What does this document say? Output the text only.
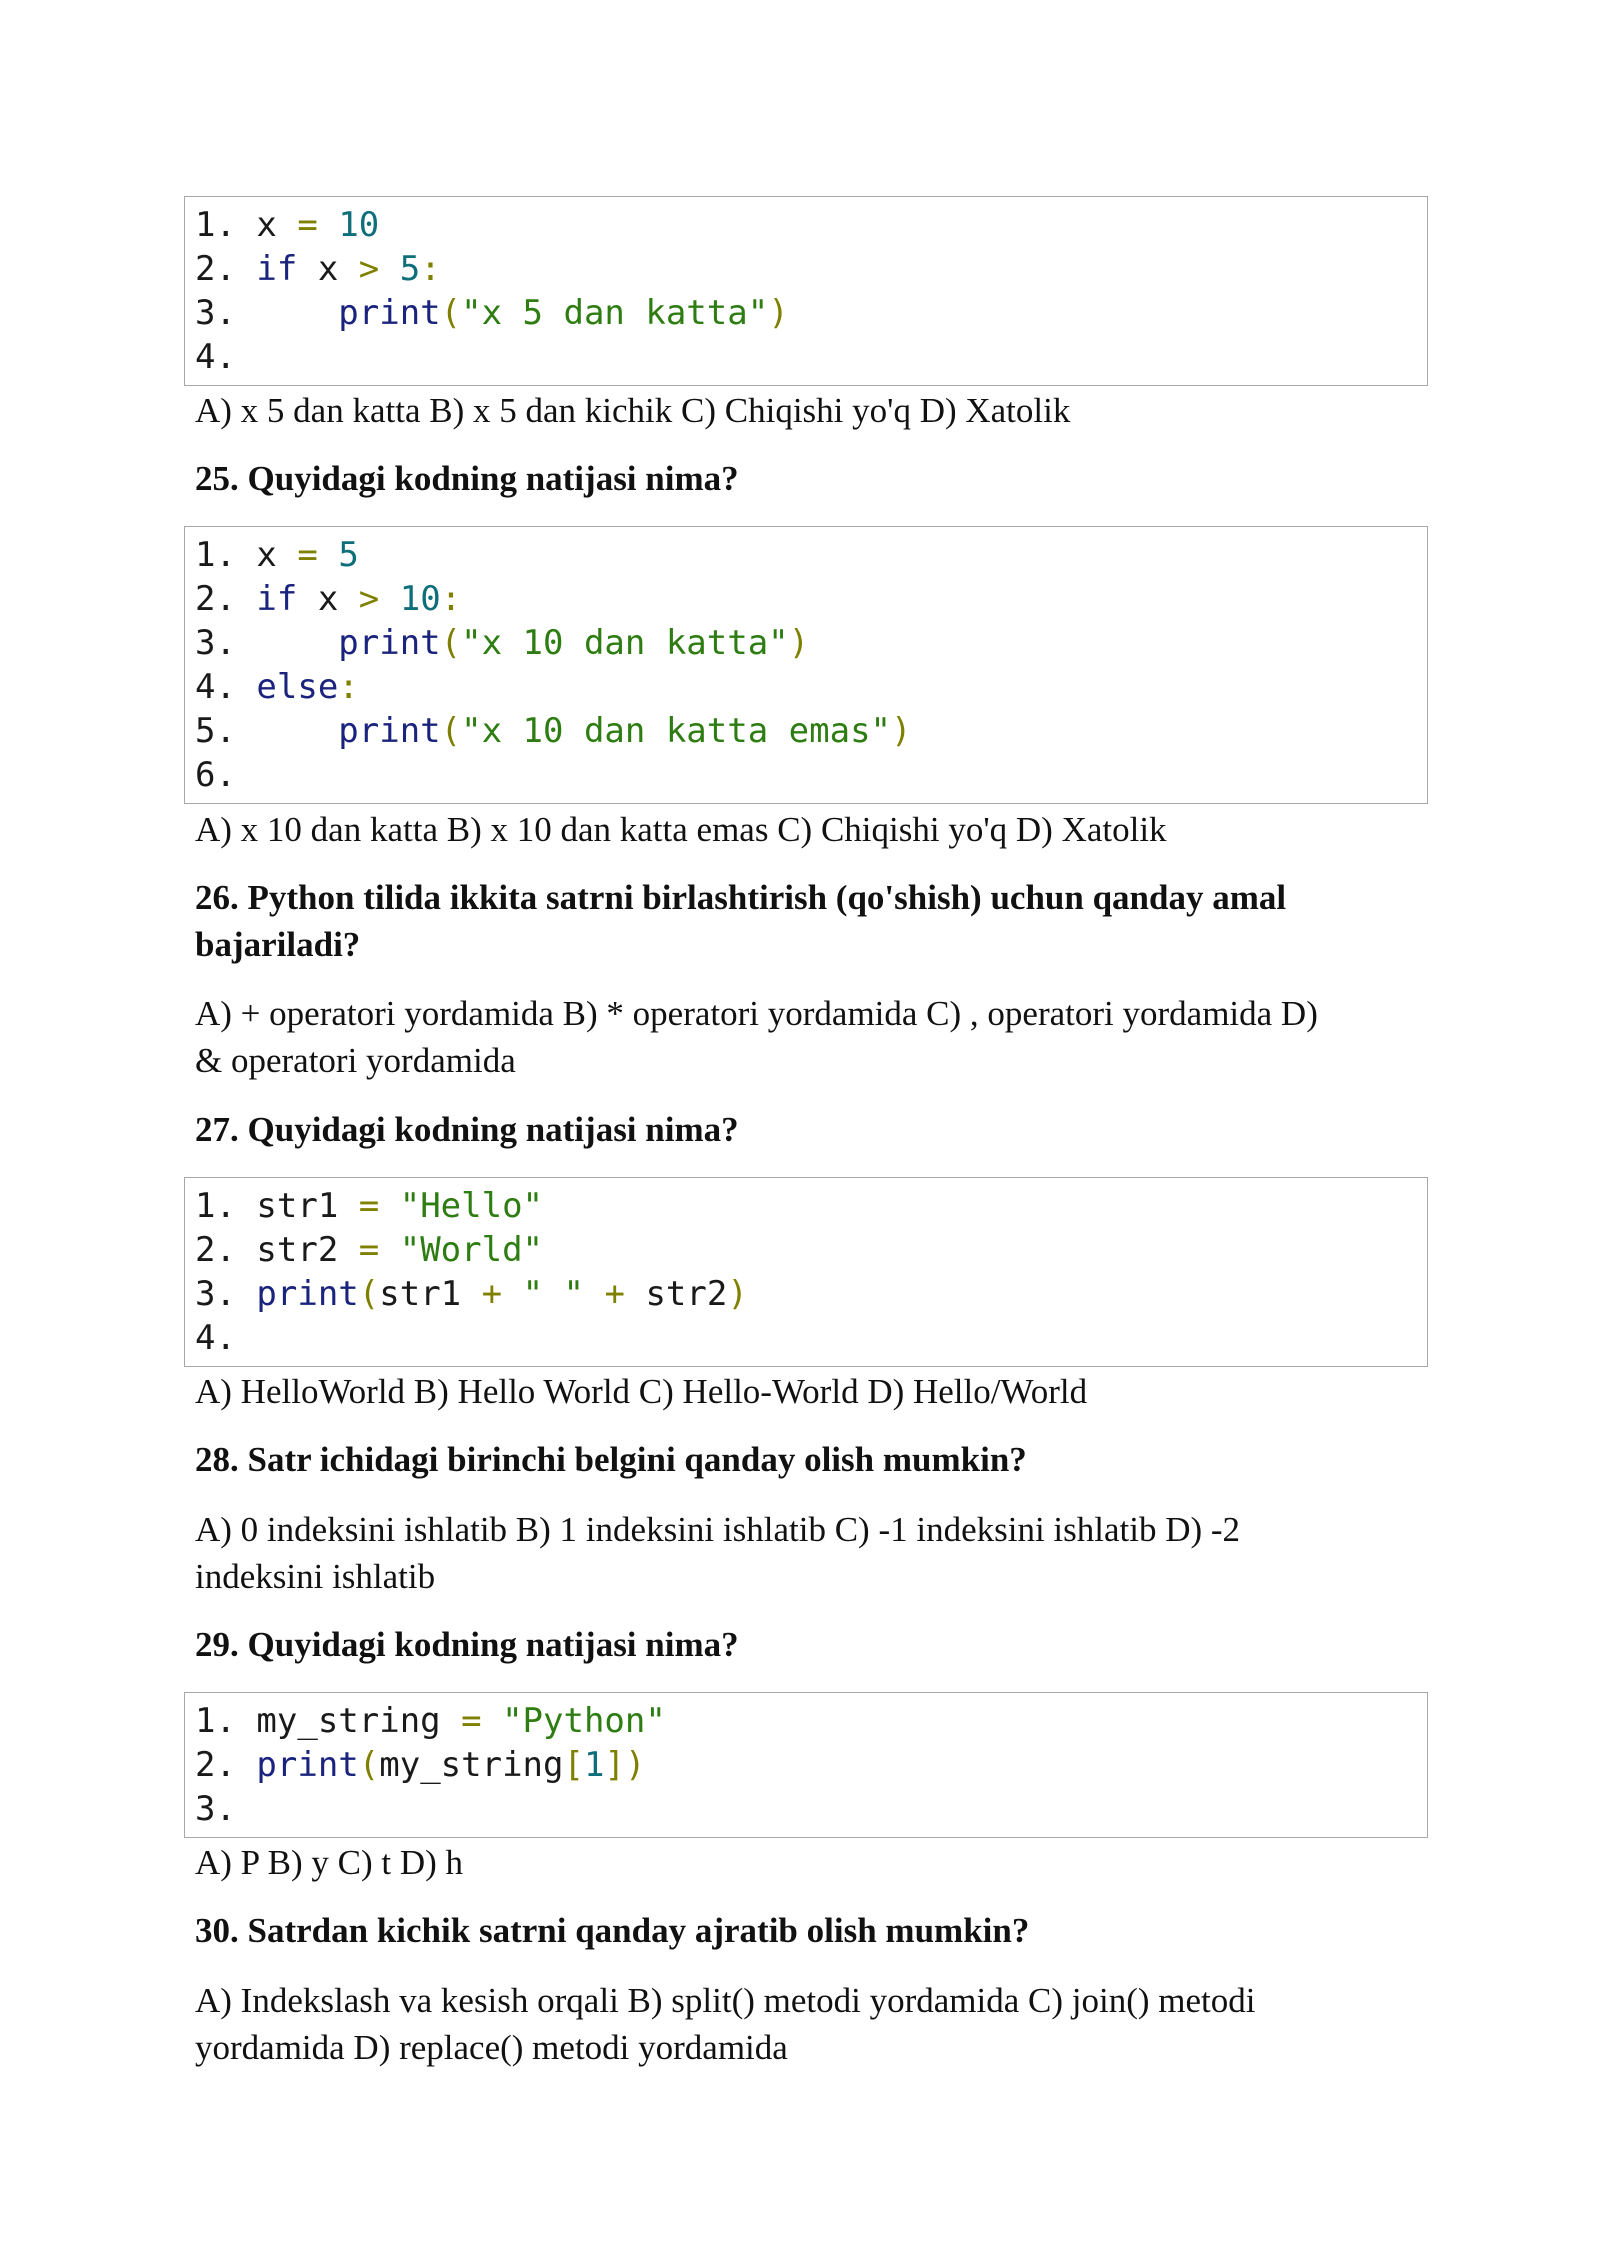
1. x = 10
2. if x > 5:
3.     print("x 5 dan katta")
4.
A) x 5 dan katta B) x 5 dan kichik C) Chiqishi yo'q D) Xatolik
25. Quyidagi kodning natijasi nima?
1. x = 5
2. if x > 10:
3.     print("x 10 dan katta")
4. else:
5.     print("x 10 dan katta emas")
6.
A) x 10 dan katta B) x 10 dan katta emas C) Chiqishi yo'q D) Xatolik
26. Python tilida ikkita satrni birlashtirish (qo'shish) uchun qanday amal
bajariladi?
A) + operatori yordamida B) * operatori yordamida C) , operatori yordamida D)
& operatori yordamida
27. Quyidagi kodning natijasi nima?
1. str1 = "Hello"
2. str2 = "World"
3. print(str1 + " " + str2)
4.
A) HelloWorld B) Hello World C) Hello-World D) Hello/World
28. Satr ichidagi birinchi belgini qanday olish mumkin?
A) 0 indeksini ishlatib B) 1 indeksini ishlatib C) -1 indeksini ishlatib D) -2
indeksini ishlatib
29. Quyidagi kodning natijasi nima?
1. my_string = "Python"
2. print(my_string[1])
3.
A) P B) y C) t D) h
30. Satrdan kichik satrni qanday ajratib olish mumkin?
A) Indekslash va kesish orqali B) split() metodi yordamida C) join() metodi
yordamida D) replace() metodi yordamida
